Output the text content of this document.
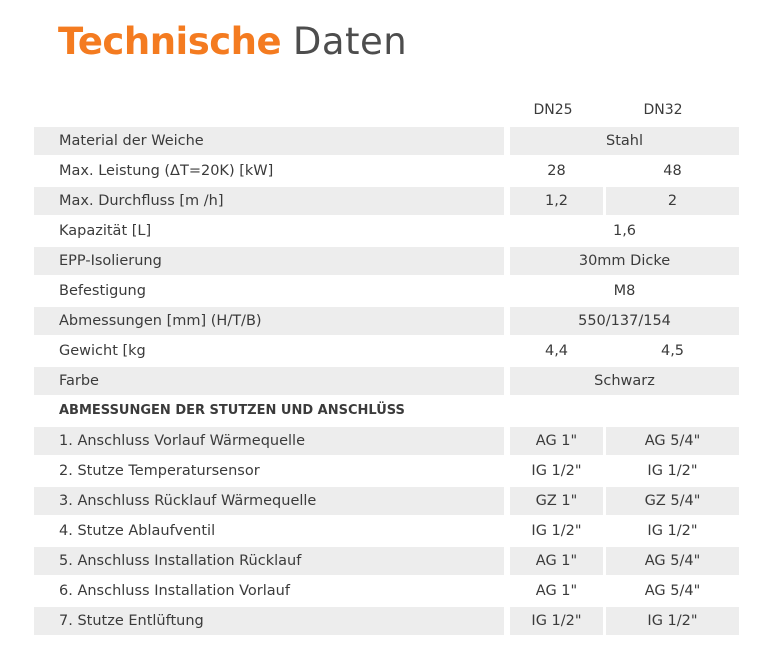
Technische Daten
DN25	DN32
Material der Weiche	Stahl
Max. Leistung (ΔT=20K) [kW]	28	48
Max. Durchfluss [m /h]	1,2	2
Kapazität [L]	1,6
EPP-Isolierung	30mm Dicke
Befestigung	M8
Abmessungen [mm] (H/T/B)	550/137/154
Gewicht [kg	4,4	4,5
Farbe	Schwarz
ABMESSUNGEN DER STUTZEN UND ANSCHLÜSS
1. Anschluss Vorlauf Wärmequelle	AG 1"	AG 5/4"
2. Stutze Temperatursensor	IG 1/2"	IG 1/2"
3. Anschluss Rücklauf Wärmequelle	GZ 1"	GZ 5/4"
4. Stutze Ablaufventil	IG 1/2"	IG 1/2"
5. Anschluss Installation Rücklauf	AG 1"	AG 5/4"
6. Anschluss Installation Vorlauf	AG 1"	AG 5/4"
7. Stutze Entlüftung	IG 1/2"	IG 1/2"
